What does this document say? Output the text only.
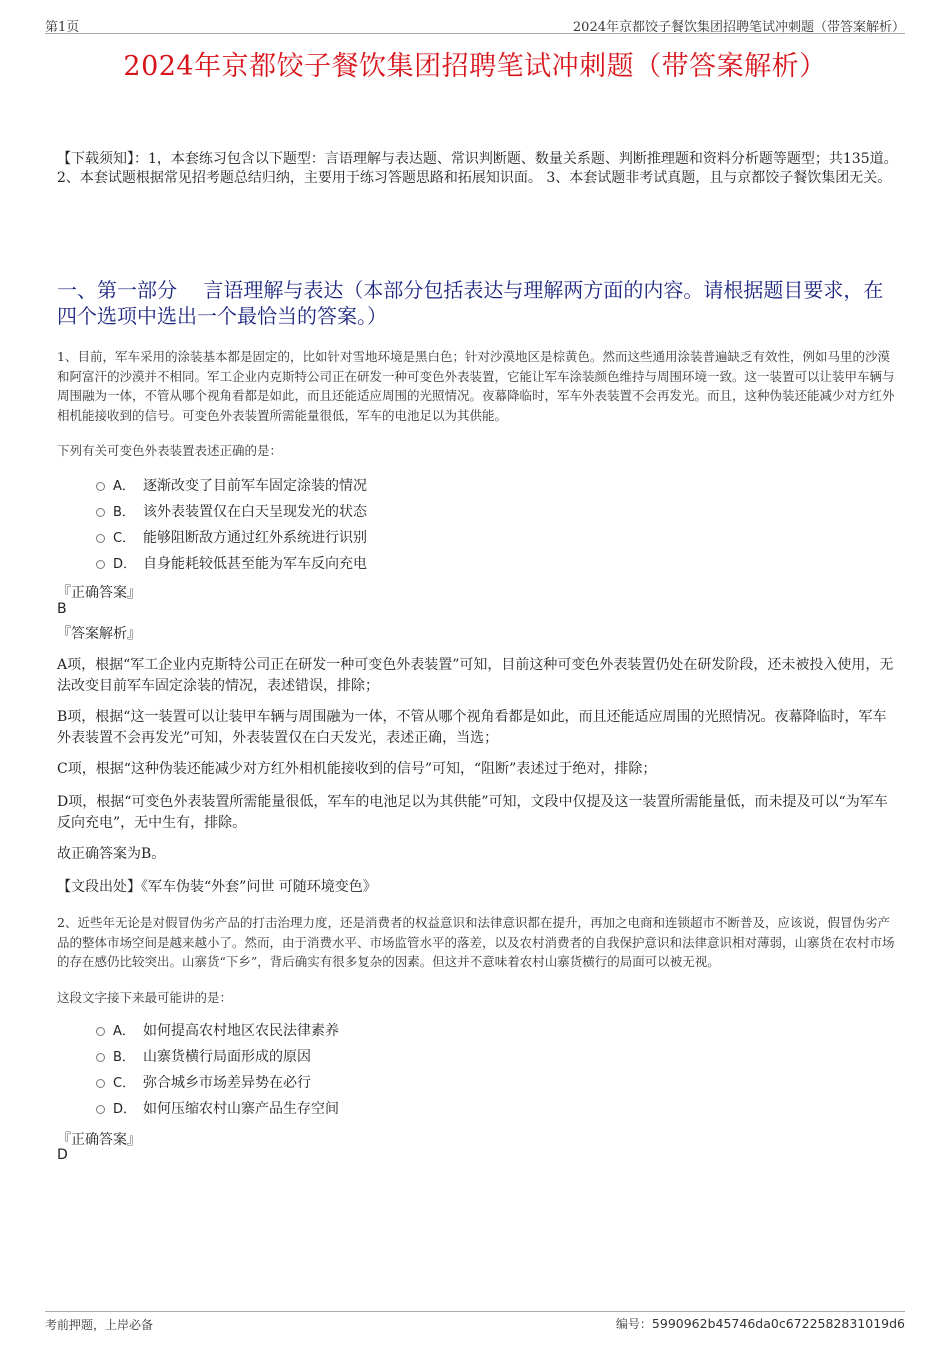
第1页	2024年京都饺子餐饮集团招聘笔试冲刺题（带答案解析）
2024年京都饺子餐饮集团招聘笔试冲刺题（带答案解析）
【下载须知】：1，本套练习包含以下题型：言语理解与表达题、常识判断题、数量关系题、判断推理题和资料分析题等题型；共135道。 2、本套试题根据常见招考题总结归纳，主要用于练习答题思路和拓展知识面。 3、本套试题非考试真题，且与京都饺子餐饮集团无关。
一、第一部分　 言语理解与表达（本部分包括表达与理解两方面的内容。请根据题目要求，在四个选项中选出一个最恰当的答案。）
1、目前，军车采用的涂装基本都是固定的，比如针对雪地环境是黑白色；针对沙漠地区是棕黄色。然而这些通用涂装普遍缺乏有效性，例如马里的沙漠和阿富汗的沙漠并不相同。军工企业内克斯特公司正在研发一种可变色外表装置，它能让军车涂装颜色维持与周围环境一致。这一装置可以让装甲车辆与周围融为一体，不管从哪个视角看都是如此，而且还能适应周围的光照情况。夜幕降临时，军车外表装置不会再发光。而且，这种伪装还能减少对方红外相机能接收到的信号。可变色外表装置所需能量很低，军车的电池足以为其供能。
下列有关可变色外表装置表述正确的是：
A． 逐渐改变了目前军车固定涂装的情况
B． 该外表装置仅在白天呈现发光的状态
C． 能够阻断敌方通过红外系统进行识别
D． 自身能耗较低甚至能为军车反向充电
『正确答案』
B
『答案解析』
A项，根据“军工企业内克斯特公司正在研发一种可变色外表装置”可知，目前这种可变色外表装置仍处在研发阶段，还未被投入使用，无法改变目前军车固定涂装的情况，表述错误，排除；
B项，根据“这一装置可以让装甲车辆与周围融为一体，不管从哪个视角看都是如此，而且还能适应周围的光照情况。夜幕降临时，军车外表装置不会再发光”可知，外表装置仅在白天发光，表述正确，当选；
C项，根据“这种伪装还能减少对方红外相机能接收到的信号”可知，“阻断”表述过于绝对，排除；
D项，根据“可变色外表装置所需能量很低，军车的电池足以为其供能”可知，文段中仅提及这一装置所需能量低，而未提及可以“为军车反向充电”，无中生有，排除。
故正确答案为B。
【文段出处】《军车伪装“外套”问世 可随环境变色》
2、近些年无论是对假冒伪劣产品的打击治理力度，还是消费者的权益意识和法律意识都在提升，再加之电商和连锁超市不断普及，应该说，假冒伪劣产品的整体市场空间是越来越小了。然而，由于消费水平、市场监管水平的落差，以及农村消费者的自我保护意识和法律意识相对薄弱，山寨货在农村市场的存在感仍比较突出。山寨货“下乡”，背后确实有很多复杂的因素。但这并不意味着农村山寨货横行的局面可以被无视。
这段文字接下来最可能讲的是：
A． 如何提高农村地区农民法律素养
B． 山寨货横行局面形成的原因
C． 弥合城乡市场差异势在必行
D． 如何压缩农村山寨产品生存空间
『正确答案』
D
考前押题，上岸必备	编号：5990962b45746da0c6722582831019d6
